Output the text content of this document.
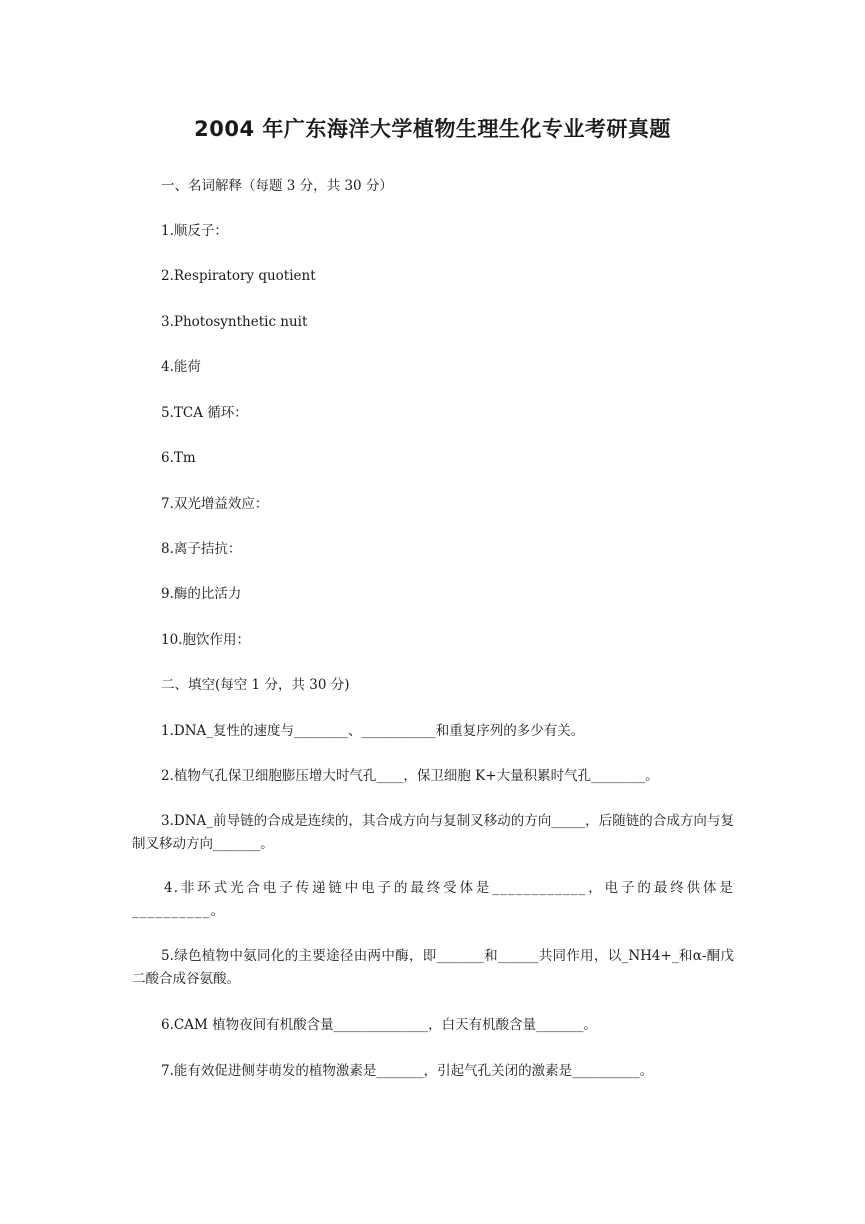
2004 年广东海洋大学植物生理生化专业考研真题
一、名词解释（每题 3 分，共 30 分）
1.顺反子：
2.Respiratory quotient
3.Photosynthetic nuit
4.能荷
5.TCA 循环：
6.Tm
7.双光增益效应：
8.离子拮抗：
9.酶的比活力
10.胞饮作用：
二、填空(每空 1 分，共 30 分)
1.DNA_复性的速度与________、___________和重复序列的多少有关。
2.植物气孔保卫细胞膨压增大时气孔____，保卫细胞 K+大量积累时气孔________。
3.DNA_前导链的合成是连续的，其合成方向与复制叉移动的方向_____，后随链的合成方向与复制叉移动方向_______。
4.非环式光合电子传递链中电子的最终受体是____________，电子的最终供体是__________。
5.绿色植物中氨同化的主要途径由两中酶，即_______和______共同作用，以_NH4+_和α-酮戊二酸合成谷氨酸。
6.CAM 植物夜间有机酸含量______________，白天有机酸含量_______。
7.能有效促进侧芽萌发的植物激素是_______，引起气孔关闭的激素是__________。
